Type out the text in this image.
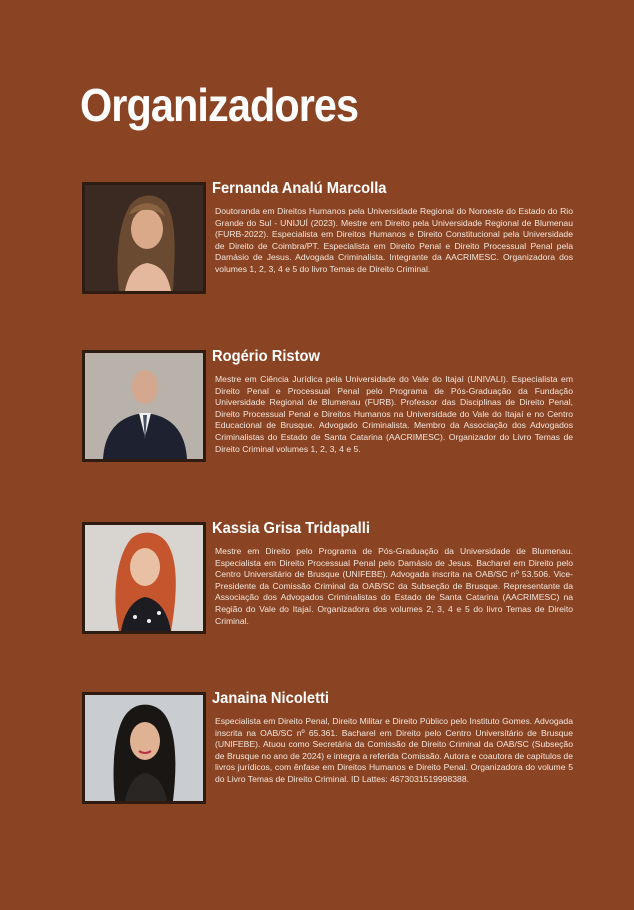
Organizadores
Fernanda Analú Marcolla

Doutoranda em Direitos Humanos pela Universidade Regional do Noroeste do Estado do Rio Grande do Sul - UNIJUÍ (2023). Mestre em Direito pela Universidade Regional de Blumenau (FURB-2022). Especialista em Direitos Humanos e Direito Constitucional pela Universidade de Direito de Coimbra/PT. Especialista em Direito Penal e Direito Processual Penal pela Damásio de Jesus. Advogada Criminalista. Integrante da AACRIMESC. Organizadora dos volumes 1, 2, 3, 4 e 5 do livro Temas de Direito Criminal.

Rogério Ristow

Mestre em Ciência Jurídica pela Universidade do Vale do Itajaí (UNIVALI). Especialista em Direito Penal e Processual Penal pelo Programa de Pós-Graduação da Fundação Universidade Regional de Blumenau (FURB). Professor das Disciplinas de Direito Penal, Direito Processual Penal e Direitos Humanos na Universidade do Vale do Itajaí e no Centro Educacional de Brusque. Advogado Criminalista. Membro da Associação dos Advogados Criminalistas do Estado de Santa Catarina (AACRIMESC). Organizador do Livro Temas de Direito Criminal volumes 1, 2, 3, 4 e 5.

Kassia Grisa Tridapalli

Mestre em Direito pelo Programa de Pós-Graduação da Universidade de Blumenau. Especialista em Direito Processual Penal pelo Damásio de Jesus. Bacharel em Direito pelo Centro Universitário de Brusque (UNIFEBE). Advogada inscrita na OAB/SC nº 53.506. Vice-Presidente da Comissão Criminal da OAB/SC da Subseção de Brusque. Representante da Associação dos Advogados Criminalistas do Estado de Santa Catarina (AACRIMESC) na Região do Vale do Itajaí. Organizadora dos volumes 2, 3, 4 e 5 do livro Temas de Direito Criminal.

Janaina Nicoletti

Especialista em Direito Penal, Direito Militar e Direito Público pelo Instituto Gomes. Advogada inscrita na OAB/SC nº 65.361. Bacharel em Direito pelo Centro Universitário de Brusque (UNIFEBE). Atuou como Secretária da Comissão de Direito Criminal da OAB/SC (Subseção de Brusque no ano de 2024) e integra a referida Comissão. Autora e coautora de capítulos de livros jurídicos, com ênfase em Direitos Humanos e Direito Penal. Organizadora do volume 5 do Livro Temas de Direito Criminal. ID Lattes: 4673031519998388.
